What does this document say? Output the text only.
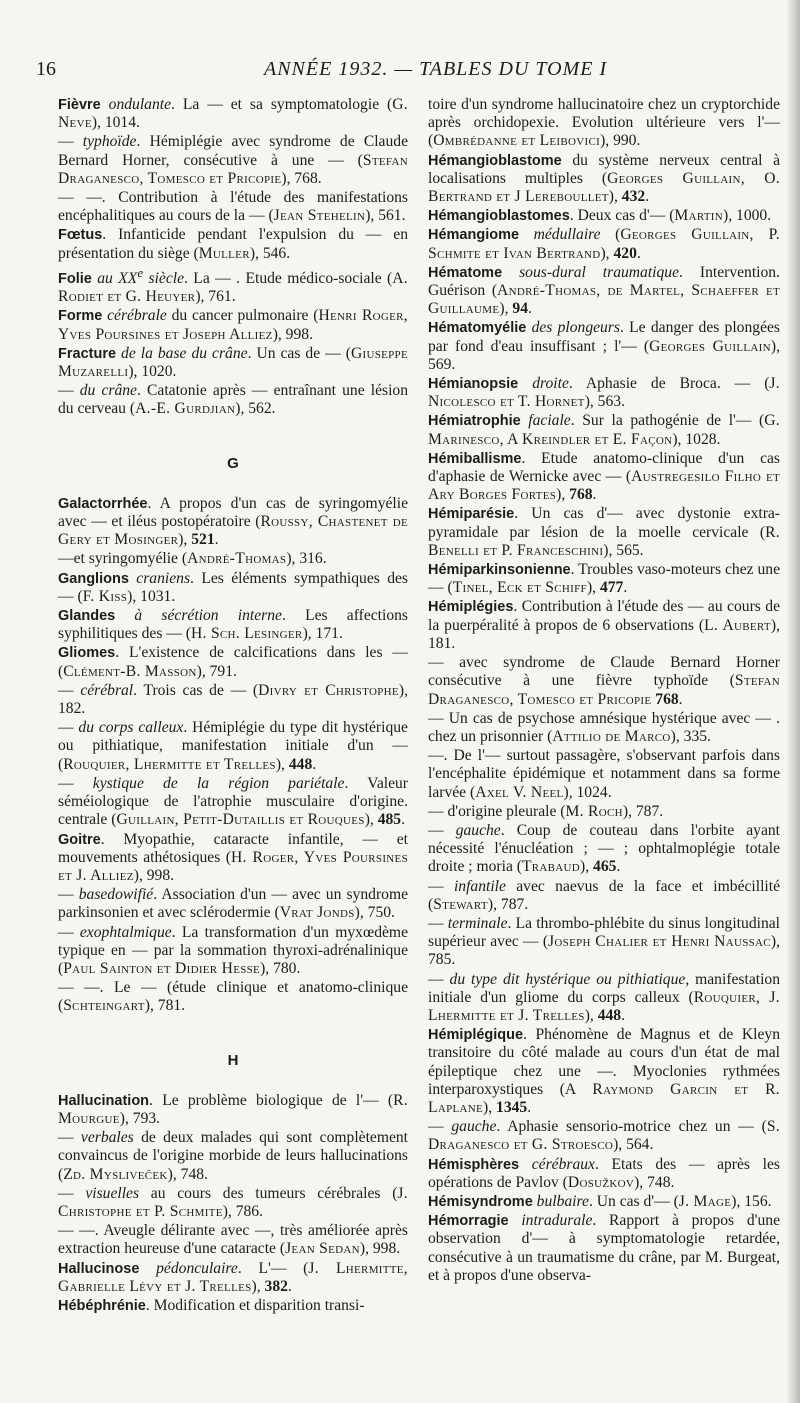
16	ANNÉE 1932. — TABLES DU TOME I

Fièvre ondulante. La — et sa symptomatologie (G. Neve), 1014.

— typhoïde. Hémiplégie avec syndrome de Claude Bernard Horner, consécutive à une — (Stefan Draganesco, Tomesco et Pricopie), 768.

— —. Contribution à l'étude des manifestations encéphalitiques au cours de la — (Jean Stehelin), 561.

Fœtus. Infanticide pendant l'expulsion du — en présentation du siège (Muller), 546.

Folie au XXe siècle. La — . Etude médico-sociale (A. Rodiet et G. Heuyer), 761.

Forme cérébrale du cancer pulmonaire (Henri Roger, Yves Poursines et Joseph Alliez), 998.

Fracture de la base du crâne. Un cas de — (Giuseppe Muzarelli), 1020.

— du crâne. Catatonie après — entraînant une lésion du cerveau (A.-E. Gurdjian), 562.

G

Galactorrhée. A propos d'un cas de syringomyélie avec — et iléus postopératoire (Roussy, Chastenet de Gery et Mosinger), 521.

—et syringomyélie (André-Thomas), 316.

Ganglions craniens. Les éléments sympathiques des — (F. Kiss), 1031.

Glandes à sécrétion interne. Les affections syphilitiques des — (H. Sch. Lesinger), 171.

Gliomes. L'existence de calcifications dans les — (Clément-B. Masson), 791.

— cérébral. Trois cas de — (Divry et Christophe), 182.

— du corps calleux. Hémiplégie du type dit hystérique ou pithiatique, manifestation initiale d'un — (Rouquier, Lhermitte et Trelles), 448.

— kystique de la région pariétale. Valeur séméiologique de l'atrophie musculaire d'origine. centrale (Guillain, Petit-Dutaillis et Rouques), 485.

Goitre. Myopathie, cataracte infantile, — et mouvements athétosiques (H. Roger, Yves Poursines et J. Alliez), 998.

— basedowifié. Association d'un — avec un syndrome parkinsonien et avec sclérodermie (Vrat Jonds), 750.

— exophtalmique. La transformation d'un myxœdème typique en — par la sommation thyroxi-adrénalinique (Paul Sainton et Didier Hesse), 780.

— —. Le — (étude clinique et anatomo-clinique (Schteingart), 781.

H

Hallucination. Le problème biologique de l'— (R. Mourgue), 793.

— verbales de deux malades qui sont complètement convaincus de l'origine morbide de leurs hallucinations (Zd. Mysliveček), 748.

— visuelles au cours des tumeurs cérébrales (J. Christophe et P. Schmite), 786.

— —. Aveugle délirante avec —, très améliorée après extraction heureuse d'une cataracte (Jean Sedan), 998.

Hallucinose pédonculaire. L'— (J. Lhermitte, Gabrielle Lévy et J. Trelles), 382.

Hébéphrénie. Modification et disparition transi-

toire d'un syndrome hallucinatoire chez un cryptorchide après orchidopexie. Evolution ultérieure vers l'— (Ombrédanne et Leibovici), 990.

Hémangioblastome du système nerveux central à localisations multiples (Georges Guillain, O. Bertrand et J Lereboullet), 432.

Hémangioblastomes. Deux cas d'— (Martin), 1000.

Hémangiome médullaire (Georges Guillain, P. Schmite et Ivan Bertrand), 420.

Hématome sous-dural traumatique. Intervention. Guérison (André-Thomas, de Martel, Schaeffer et Guillaume), 94.

Hématomyélie des plongeurs. Le danger des plongées par fond d'eau insuffisant ; l'— (Georges Guillain), 569.

Hémianopsie droite. Aphasie de Broca. — (J. Nicolesco et T. Hornet), 563.

Hémiatrophie faciale. Sur la pathogénie de l'— (G. Marinesco, A Kreindler et E. Façon), 1028.

Hémiballisme. Etude anatomo-clinique d'un cas d'aphasie de Wernicke avec — (Austregesilo Filho et Ary Borges Fortes), 768.

Hémiparésie. Un cas d'— avec dystonie extra-pyramidale par lésion de la moelle cervicale (R. Benelli et P. Franceschini), 565.

Hémiparkinsonienne. Troubles vaso-moteurs chez une — (Tinel, Eck et Schiff), 477.

Hémiplégies. Contribution à l'étude des — au cours de la puerpéralité à propos de 6 observations (L. Aubert), 181.

— avec syndrome de Claude Bernard Horner consécutive à une fièvre typhoïde (Stefan Draganesco, Tomesco et Pricopie 768.

— Un cas de psychose amnésique hystérique avec — . chez un prisonnier (Attilio de Marco), 335.

—. De l'— surtout passagère, s'observant parfois dans l'encéphalite épidémique et notamment dans sa forme larvée (Axel V. Neel), 1024.

— d'origine pleurale (M. Roch), 787.

— gauche. Coup de couteau dans l'orbite ayant nécessité l'énucléation ; — ; ophtalmoplégie totale droite ; moria (Trabaud), 465.

— infantile avec naevus de la face et imbécillité (Stewart), 787.

— terminale. La thrombo-phlébite du sinus longitudinal supérieur avec — (Joseph Chalier et Henri Naussac), 785.

— du type dit hystérique ou pithiatique, manifestation initiale d'un gliome du corps calleux (Rouquier, J. Lhermitte et J. Trelles), 448.

Hémiplégique. Phénomène de Magnus et de Kleyn transitoire du côté malade au cours d'un état de mal épileptique chez une —. Myoclonies rythmées interparoxystiques (A Raymond Garcin et R. Laplane), 1345.

— gauche. Aphasie sensorio-motrice chez un — (S. Draganesco et G. Stroesco), 564.

Hémisphères cérébraux. Etats des — après les opérations de Pavlov (Dosužkov), 748.

Hémisyndrome bulbaire. Un cas d'— (J. Mage), 156.

Hémorragie intradurale. Rapport à propos d'une observation d'— à symptomatologie retardée, consécutive à un traumatisme du crâne, par M. Burgeat, et à propos d'une observa-
